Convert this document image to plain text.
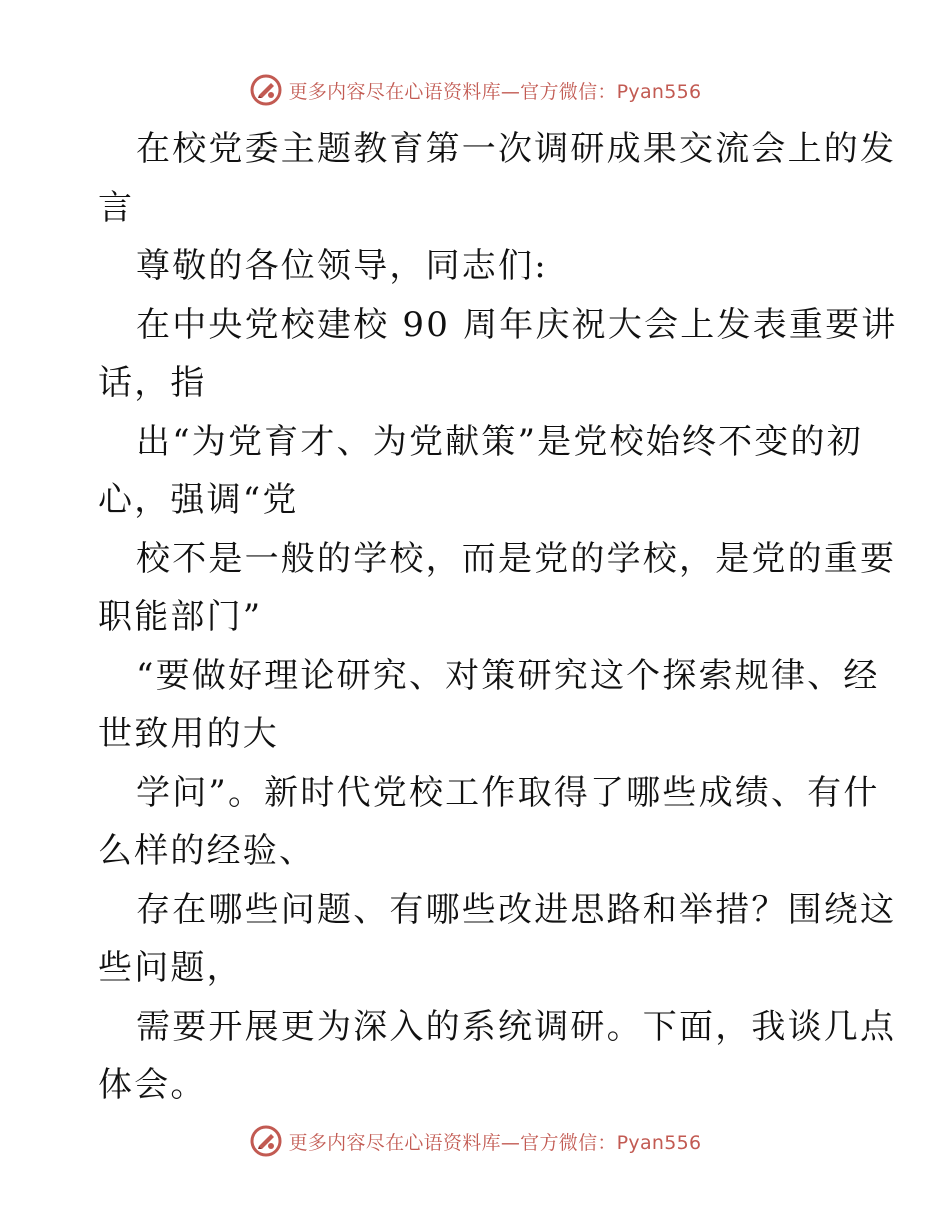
更多内容尽在心语资料库—官方微信：Pyan556
在校党委主题教育第一次调研成果交流会上的发
言
尊敬的各位领导，同志们:
在中央党校建校 90 周年庆祝大会上发表重要讲
话，指
出“为党育才、为党献策”是党校始终不变的初
心，强调“党
校不是一般的学校，而是党的学校，是党的重要
职能部门”
“要做好理论研究、对策研究这个探索规律、经
世致用的大
学问”。新时代党校工作取得了哪些成绩、有什
么样的经验、
存在哪些问题、有哪些改进思路和举措？围绕这
些问题，
需要开展更为深入的系统调研。下面，我谈几点
体会。
更多内容尽在心语资料库—官方微信：Pyan556
